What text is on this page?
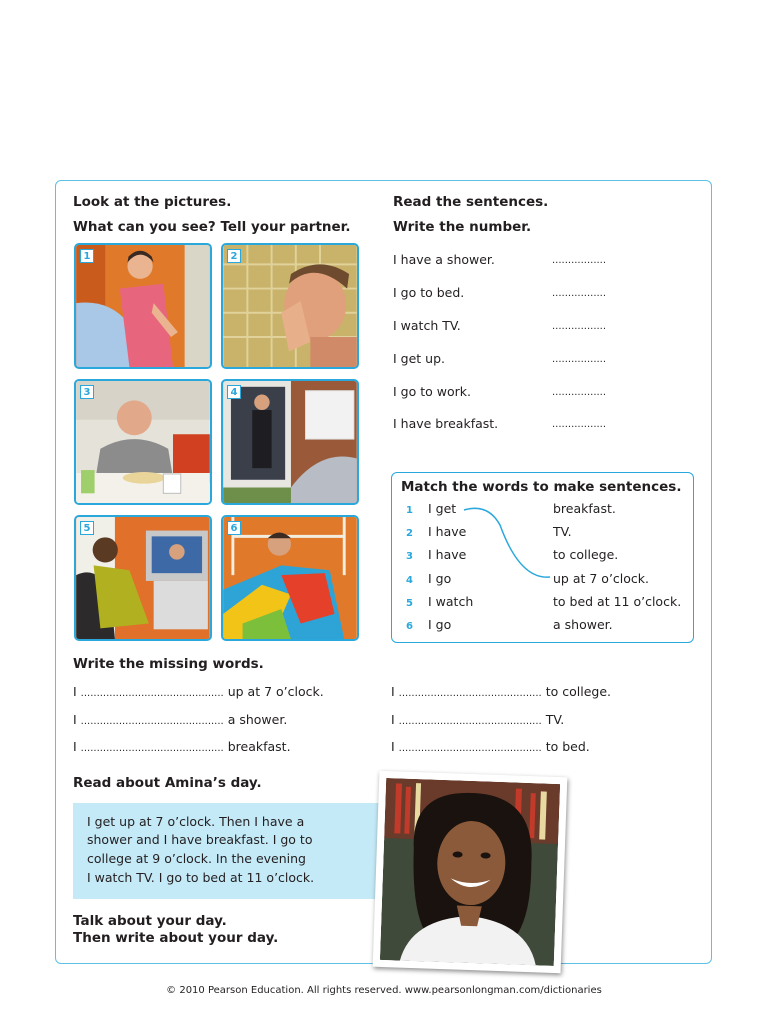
Look at the pictures.
What can you see? Tell your partner.
Read the sentences.
Write the number.
1	2
3	4
5	6
I have a shower.	.................
I go to bed.	.................
I watch TV.	.................
I get up.	.................
I go to work.	.................
I have breakfast.	.................
Match the words to make sentences.
1 I get	breakfast.
2 I have	TV.
3 I have	to college.
4 I go	up at 7 o’clock.
5 I watch	to bed at 11 o’clock.
6 I go	a shower.
Write the missing words.
I ............................................. up at 7 o’clock.
I ............................................. a shower.
I ............................................. breakfast.
I ............................................. to college.
I ............................................. TV.
I ............................................. to bed.
Read about Amina’s day.
I get up at 7 o’clock. Then I have a
shower and I have breakfast. I go to
college at 9 o’clock. In the evening
I watch TV. I go to bed at 11 o’clock.
Talk about your day.
Then write about your day.
© 2010 Pearson Education. All rights reserved. www.pearsonlongman.com/dictionaries
